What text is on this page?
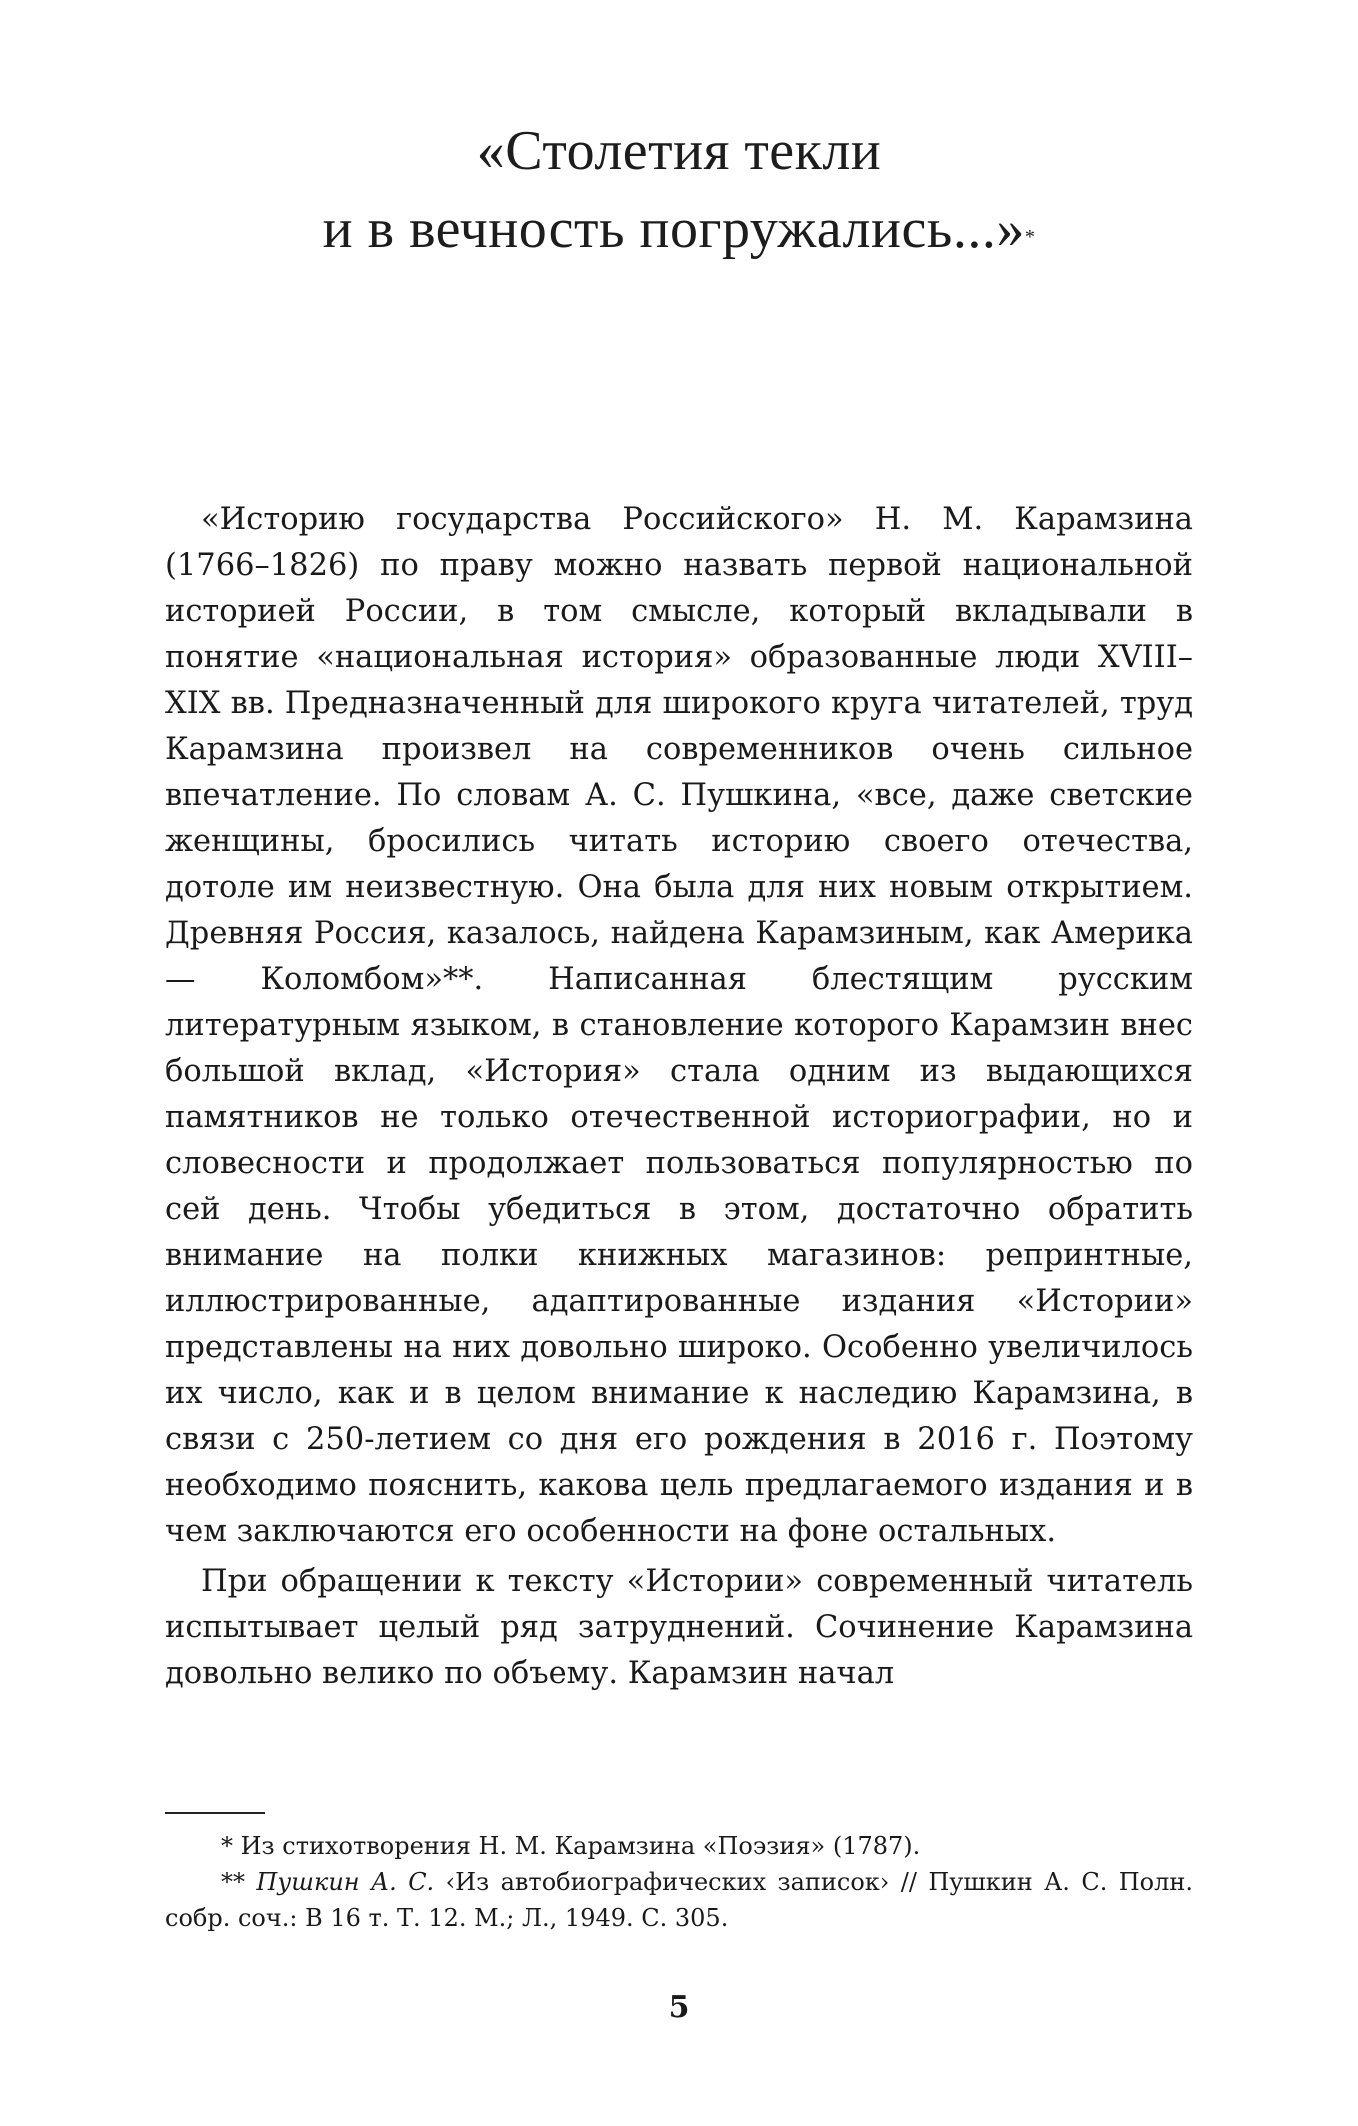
«Столетия текли
и в вечность погружались...»*

«Историю государства Российского» Н. М. Карамзина (1766–1826) по праву можно назвать первой национальной историей России, в том смысле, который вкладывали в понятие «национальная история» образованные люди XVIII–XIX вв. Предназначенный для широкого круга читателей, труд Карамзина произвел на современников очень сильное впечатление. По словам А. С. Пушкина, «все, даже светские женщины, бросились читать историю своего отечества, дотоле им неизвестную. Она была для них новым открытием. Древняя Россия, казалось, найдена Карамзиным, как Америка — Коломбом»**. Написанная блестящим русским литературным языком, в становление которого Карамзин внес большой вклад, «История» стала одним из выдающихся памятников не только отечественной историографии, но и словесности и продолжает пользоваться популярностью по сей день. Чтобы убедиться в этом, достаточно обратить внимание на полки книжных магазинов: репринтные, иллюстрированные, адаптированные издания «Истории» представлены на них довольно широко. Особенно увеличилось их число, как и в целом внимание к наследию Карамзина, в связи с 250-летием со дня его рождения в 2016 г. Поэтому необходимо пояснить, какова цель предлагаемого издания и в чем заключаются его особенности на фоне остальных.

При обращении к тексту «Истории» современный читатель испытывает целый ряд затруднений. Сочинение Карамзина довольно велико по объему. Карамзин начал

* Из стихотворения Н. М. Карамзина «Поэзия» (1787).

** Пушкин А. С. ‹Из автобиографических записок› // Пушкин А. С. Полн. собр. соч.: В 16 т. Т. 12. М.; Л., 1949. С. 305.

5
